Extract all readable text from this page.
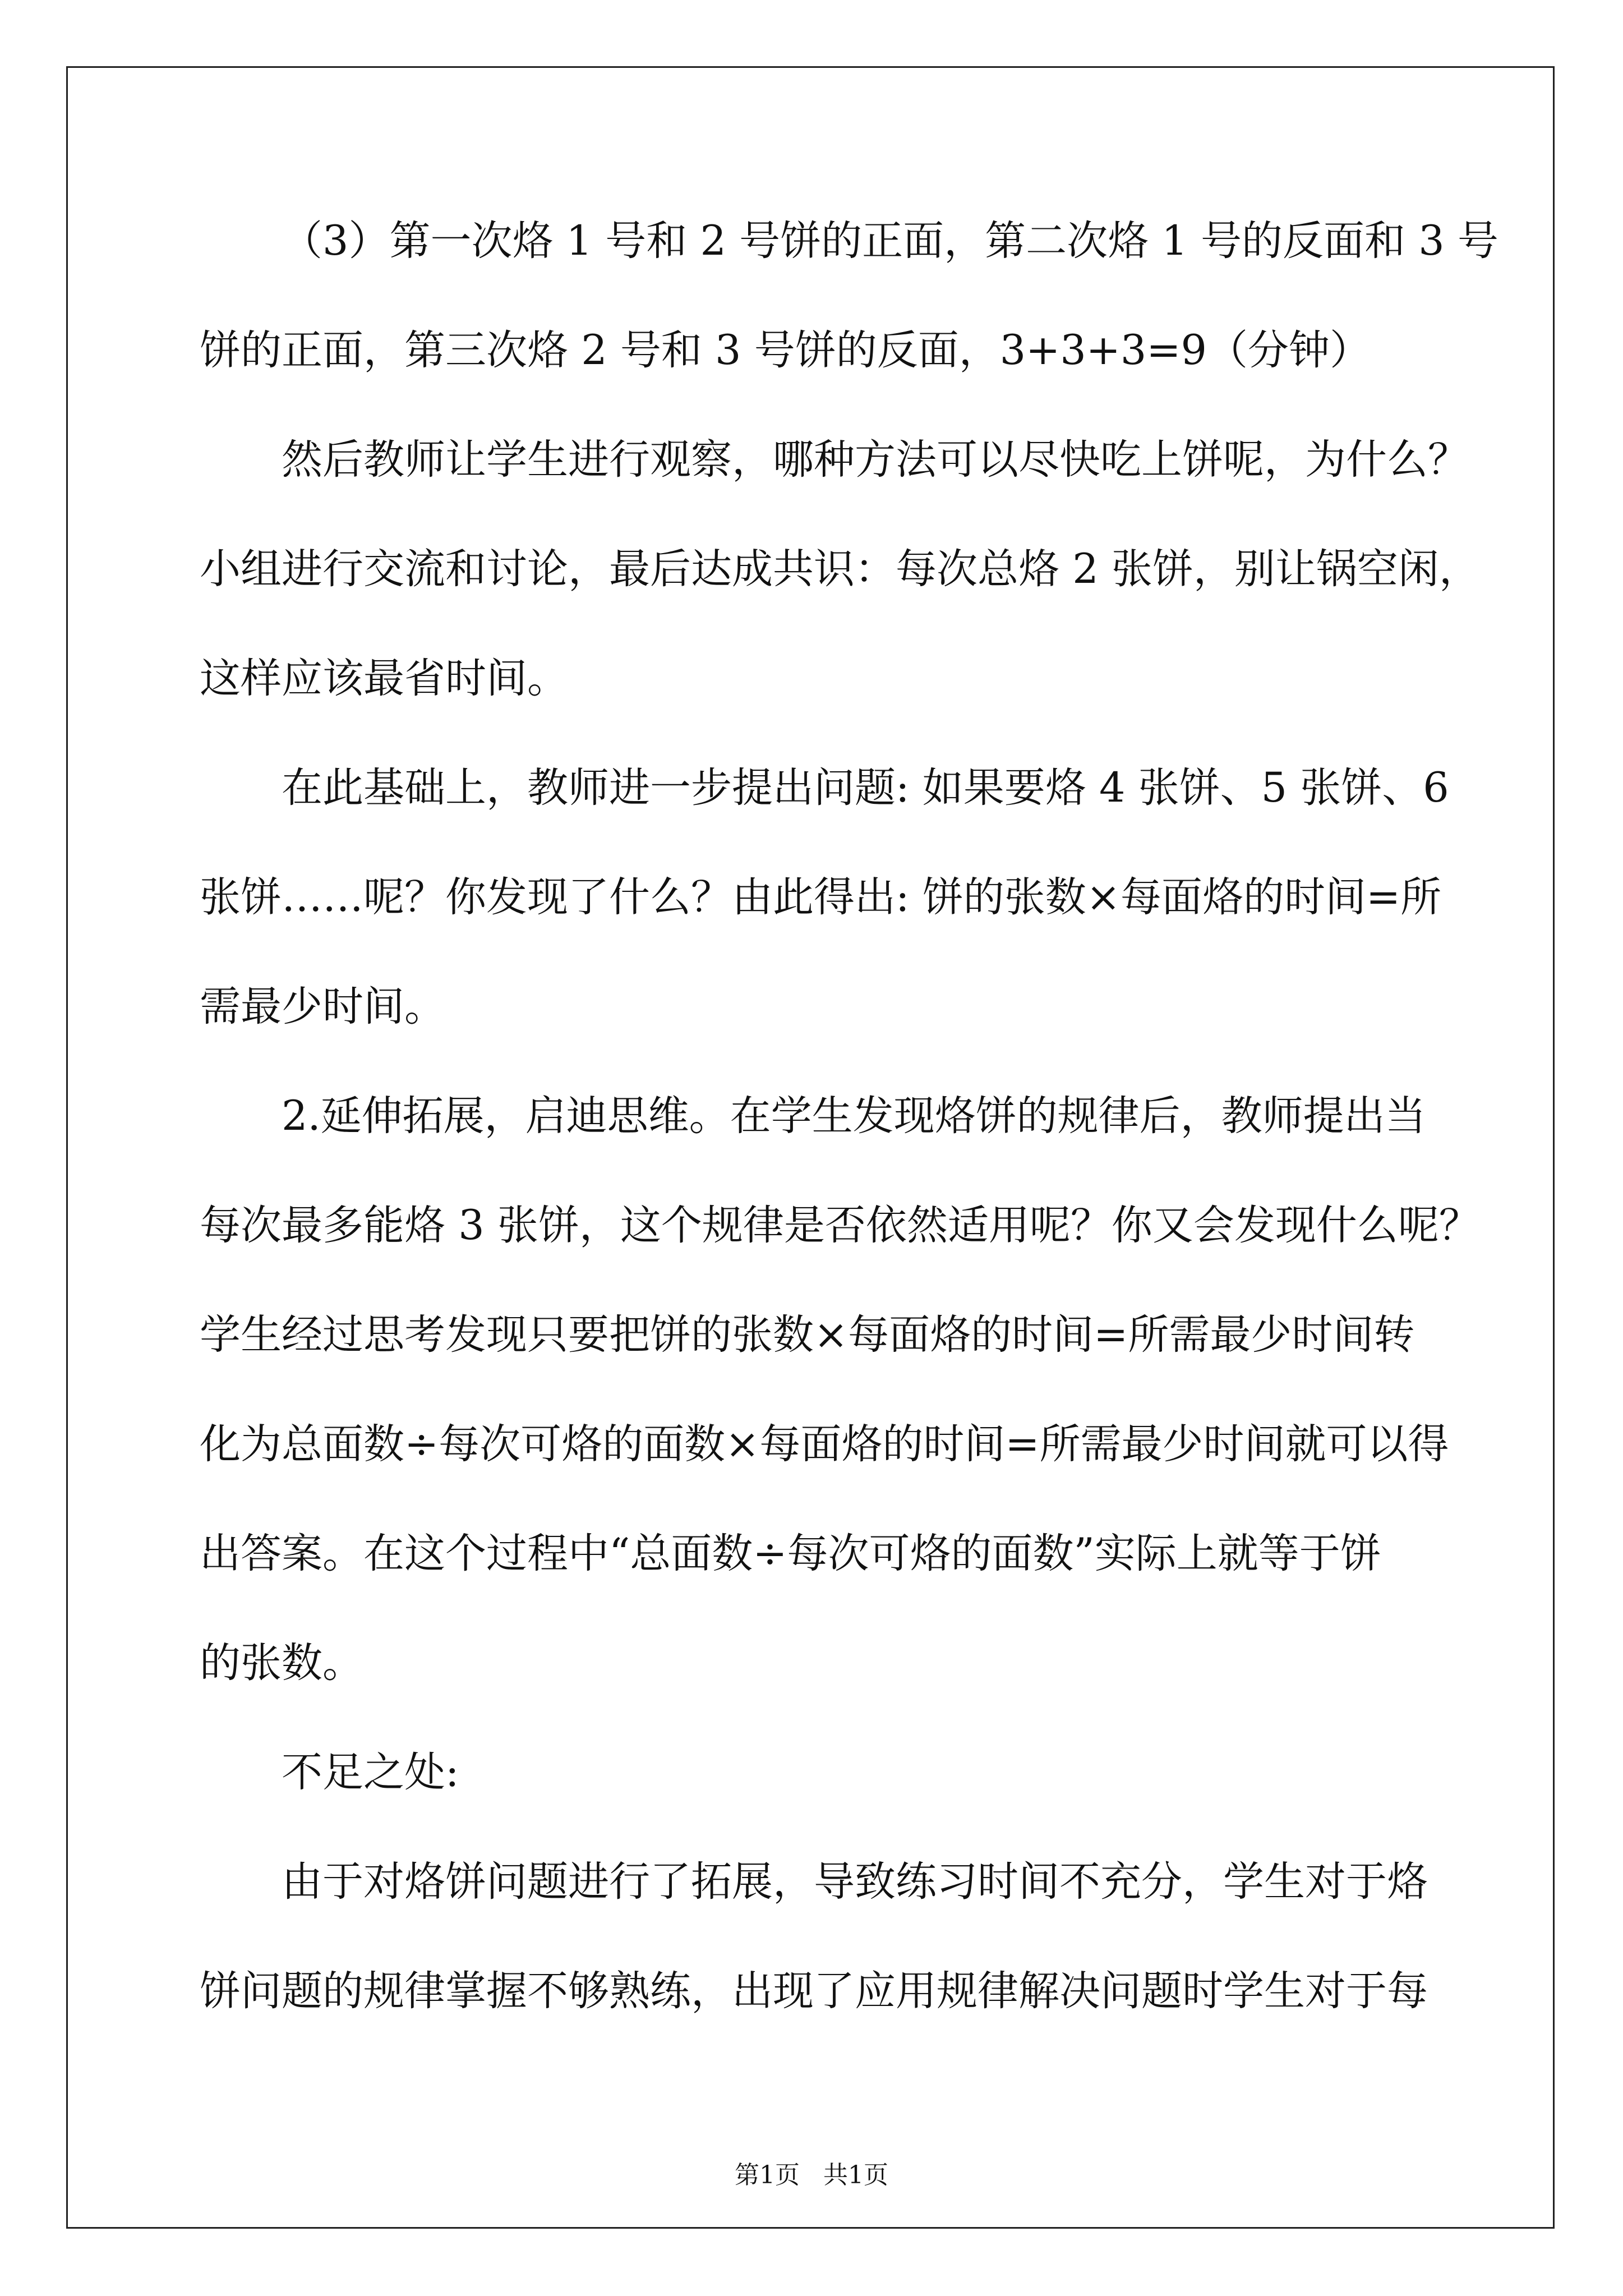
（3）第一次烙 1 号和 2 号饼的正面，第二次烙 1 号的反面和 3 号

饼的正面，第三次烙 2 号和 3 号饼的反面，3+3+3=9（分钟）

然后教师让学生进行观察，哪种方法可以尽快吃上饼呢，为什么？

小组进行交流和讨论，最后达成共识：每次总烙 2 张饼，别让锅空闲，

这样应该最省时间。

在此基础上，教师进一步提出问题: 如果要烙 4 张饼、5 张饼、6

张饼……呢？你发现了什么？由此得出: 饼的张数×每面烙的时间=所

需最少时间。

2.延伸拓展，启迪思维。在学生发现烙饼的规律后，教师提出当

每次最多能烙 3 张饼，这个规律是否依然适用呢？你又会发现什么呢？

学生经过思考发现只要把饼的张数×每面烙的时间=所需最少时间转

化为总面数÷每次可烙的面数×每面烙的时间=所需最少时间就可以得

出答案。在这个过程中“总面数÷每次可烙的面数”实际上就等于饼

的张数。

不足之处:

由于对烙饼问题进行了拓展，导致练习时间不充分，学生对于烙

饼问题的规律掌握不够熟练，出现了应用规律解决问题时学生对于每

第1页   共1页
